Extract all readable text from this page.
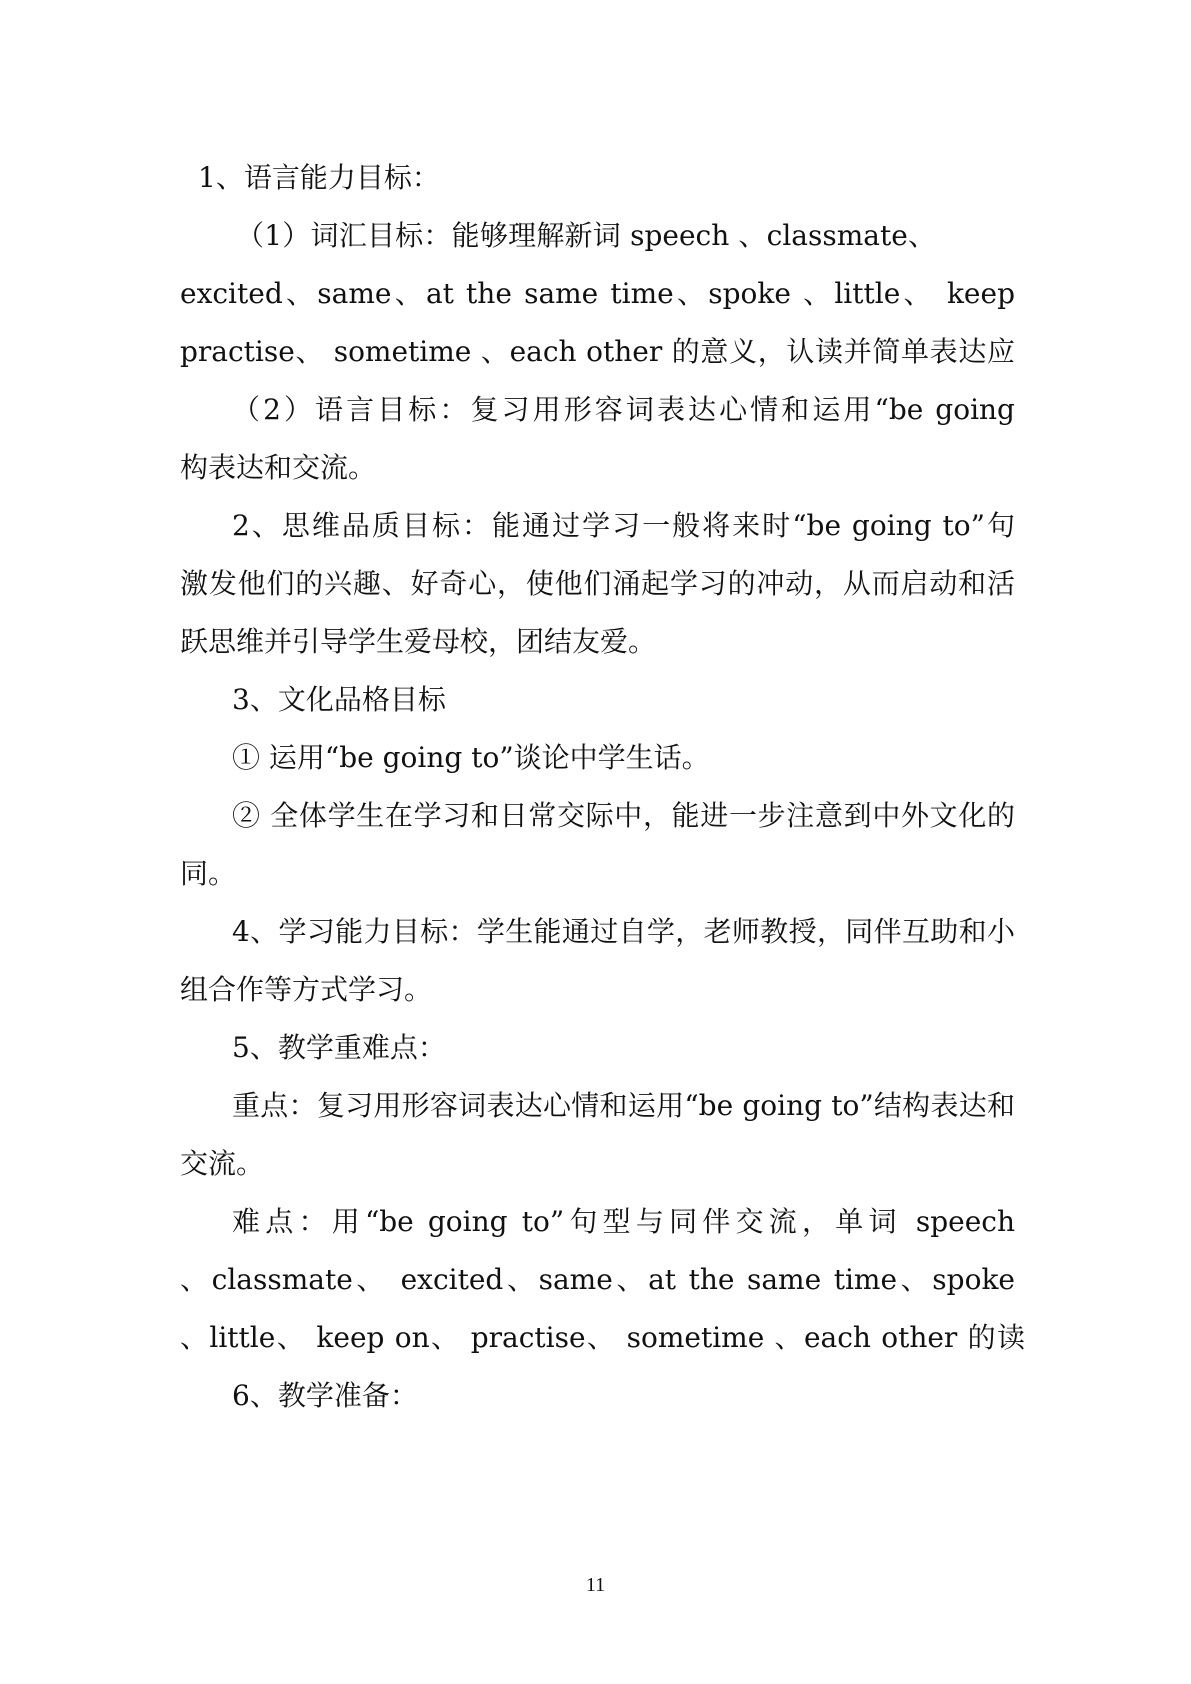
1、语言能力目标：
（1）词汇目标：能够理解新词 speech 、classmate、
excited、same、at the same time、spoke 、little、 keep
practise、 sometime 、each other 的意义，认读并简单表达应
（2）语言目标：复习用形容词表达心情和运用“be going
构表达和交流。
2、思维品质目标：能通过学习一般将来时“be going to”句
激发他们的兴趣、好奇心，使他们涌起学习的冲动，从而启动和活
跃思维并引导学生爱母校，团结友爱。
3、文化品格目标
① 运用“be going to”谈论中学生话。
② 全体学生在学习和日常交际中，能进一步注意到中外文化的
同。
4、学习能力目标：学生能通过自学，老师教授，同伴互助和小
组合作等方式学习。
5、教学重难点：
重点：复习用形容词表达心情和运用“be going to”结构表达和
交流。
难点：用“be going to”句型与同伴交流，单词 speech
、classmate、 excited、same、at the same time、spoke
、little、 keep on、 practise、 sometime 、each other 的读
6、教学准备：
11
